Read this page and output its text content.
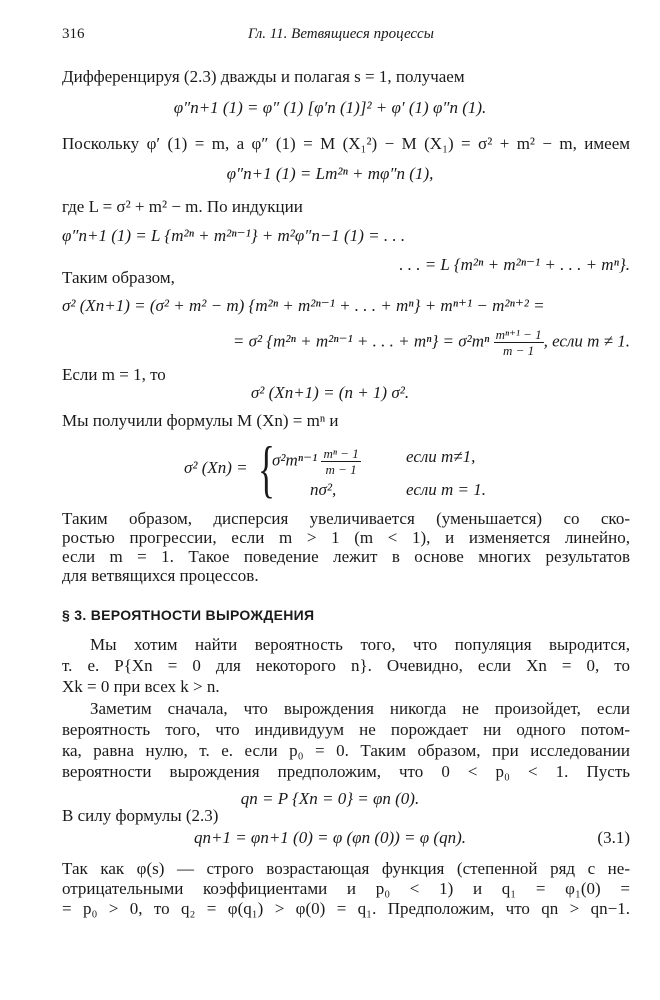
316	Гл. 11. Ветвящиеся процессы
Дифференцируя (2.3) дважды и полагая s = 1, получаем
φ″n+1 (1) = φ″ (1) [φ′n (1)]² + φ′ (1) φ″n (1).
Поскольку φ′ (1) = m, а φ″ (1) = M (X₁²) − M (X₁) = σ² + m² − m, имеем
φ″n+1 (1) = Lm²ⁿ + mφ″n (1),
где L = σ² + m² − m. По индукции
φ″n+1 (1) = L {m²ⁿ + m²ⁿ⁻¹} + m²φ″n−1 (1) = . . .
. . . = L {m²ⁿ + m²ⁿ⁻¹ + . . . + mⁿ}.
Таким образом,
σ² (Xn+1) = (σ² + m² − m) {m²ⁿ + m²ⁿ⁻¹ + . . . + mⁿ} + mⁿ⁺¹ − m²ⁿ⁺² =
= σ² {m²ⁿ + m²ⁿ⁻¹ + . . . + $m^n\} = \sigma^2m^n \frac{\text{mⁿ⁺¹ − 1}}{m - 1}$ , если m ≠ 1.
Если m = 1, то
σ² (Xn+1) = (n + 1) σ².
Мы получили формулы M (Xn) = mⁿ и
σ² (Xn) = {
$\sigma^2m^{n-1} \frac{\text{mⁿ − 1}}{m - 1}$	если m≠1,
nσ²,	если m = 1.
Таким образом, дисперсия увеличивается (уменьшается) со ско-
ростью прогрессии, если m > 1 (m < 1), и изменяется линейно,
если m = 1. Такое поведение лежит в основе многих результатов
для ветвящихся процессов.
§ 3. ВЕРОЯТНОСТИ ВЫРОЖДЕНИЯ
Мы хотим найти вероятность того, что популяция выродится,
т. е. P{Xn = 0 для некоторого n}. Очевидно, если Xn = 0, то
Xk = 0 при всех k > n.
Заметим сначала, что вырождения никогда не произойдет, если
вероятность того, что индивидуум не порождает ни одного потом-
ка, равна нулю, т. е. если p₀ = 0. Таким образом, при исследовании
вероятности вырождения предположим, что 0 < p₀ < 1. Пусть
qn = P {Xn = 0} = φn (0).
В силу формулы (2.3)
qn+1 = φn+1 (0) = φ (φn (0)) = φ (qn).	(3.1)
Так как φ(s) — строго возрастающая функция (степенной ряд с не-
отрицательными коэффициентами и p₀ < 1) и q₁ = φ₁(0) =
= p₀ > 0, то q₂ = φ(q₁) > φ(0) = q₁. Предположим, что qn > qn−1.
